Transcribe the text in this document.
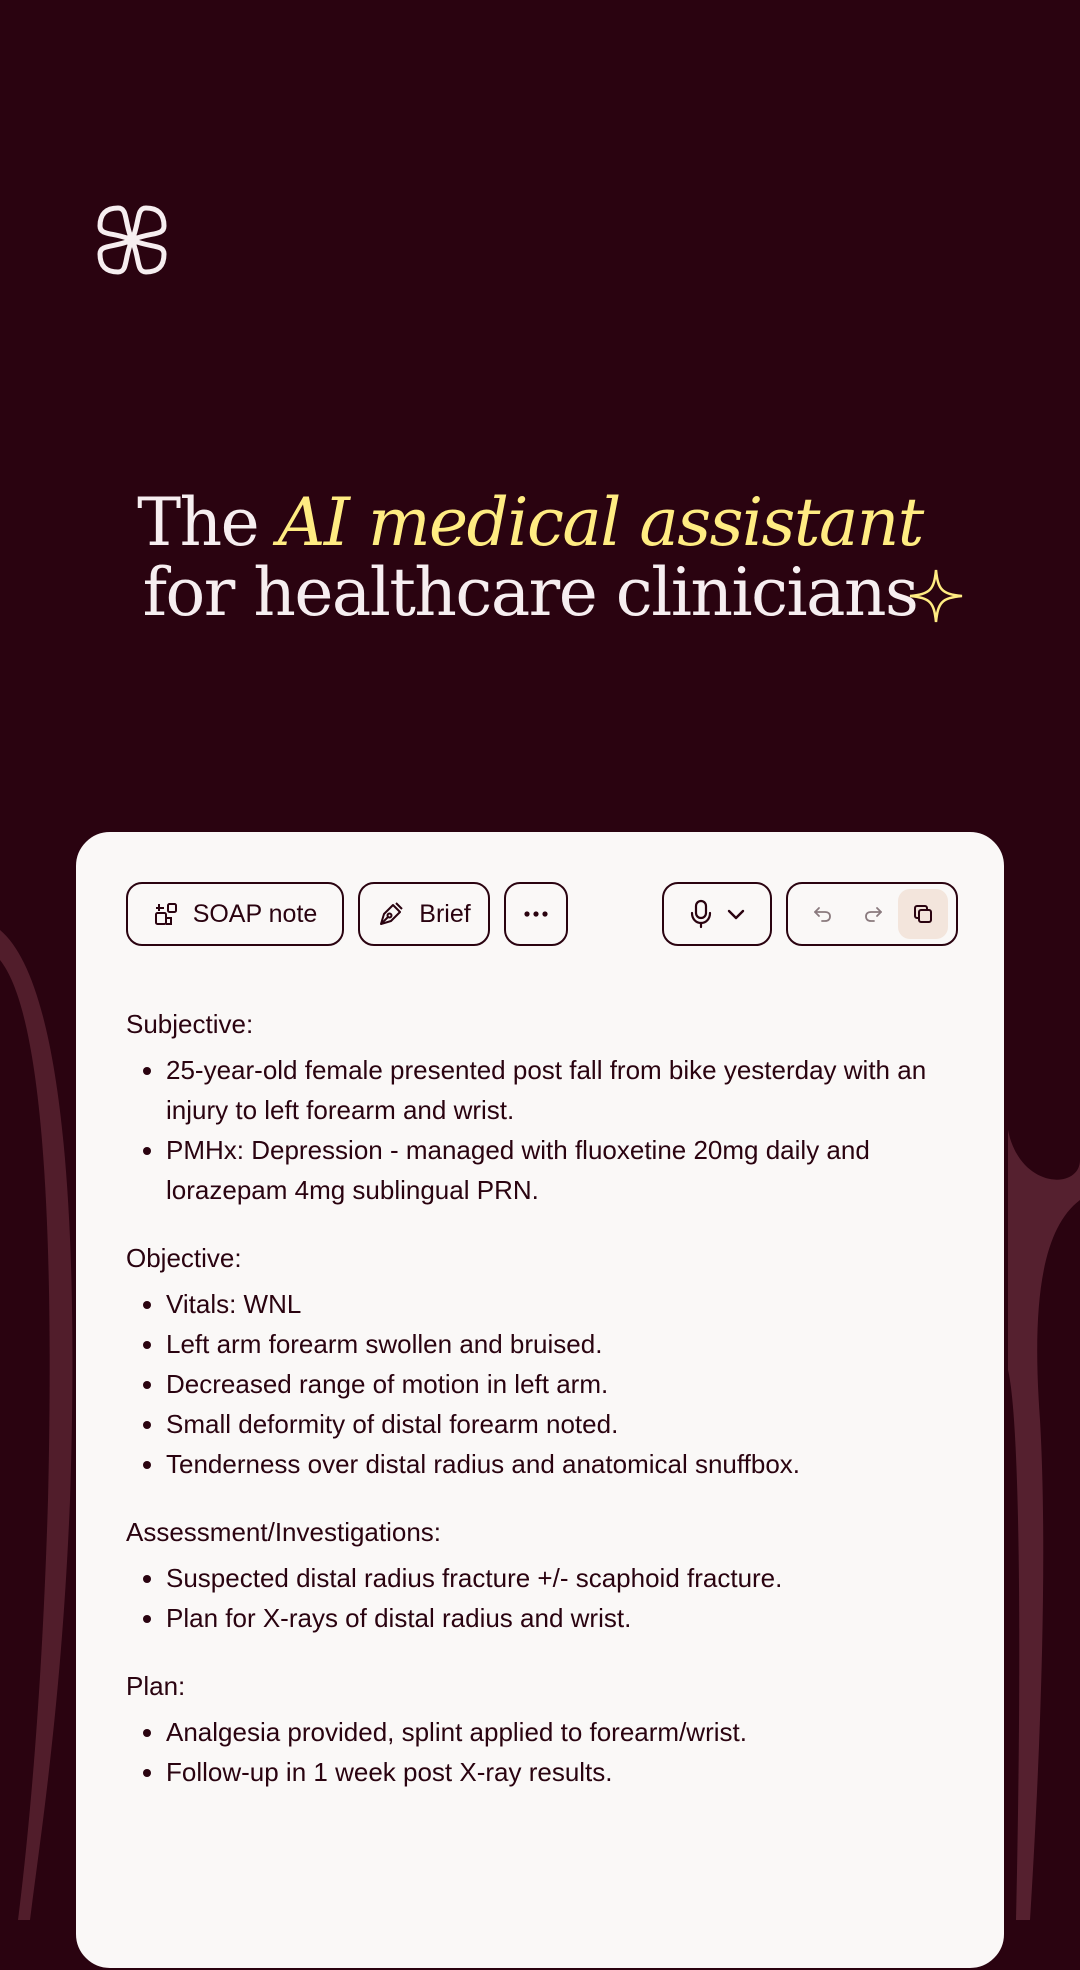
The AI medical assistant
for healthcare clinicians
SOAP note	Brief
Subjective:
• 25-year-old female presented post fall from bike yesterday with an injury to left forearm and wrist.
• PMHx: Depression - managed with fluoxetine 20mg daily and lorazepam 4mg sublingual PRN.
Objective:
• Vitals: WNL
• Left arm forearm swollen and bruised.
• Decreased range of motion in left arm.
• Small deformity of distal forearm noted.
• Tenderness over distal radius and anatomical snuffbox.
Assessment/Investigations:
• Suspected distal radius fracture +/- scaphoid fracture.
• Plan for X-rays of distal radius and wrist.
Plan:
• Analgesia provided, splint applied to forearm/wrist.
• Follow-up in 1 week post X-ray results.
